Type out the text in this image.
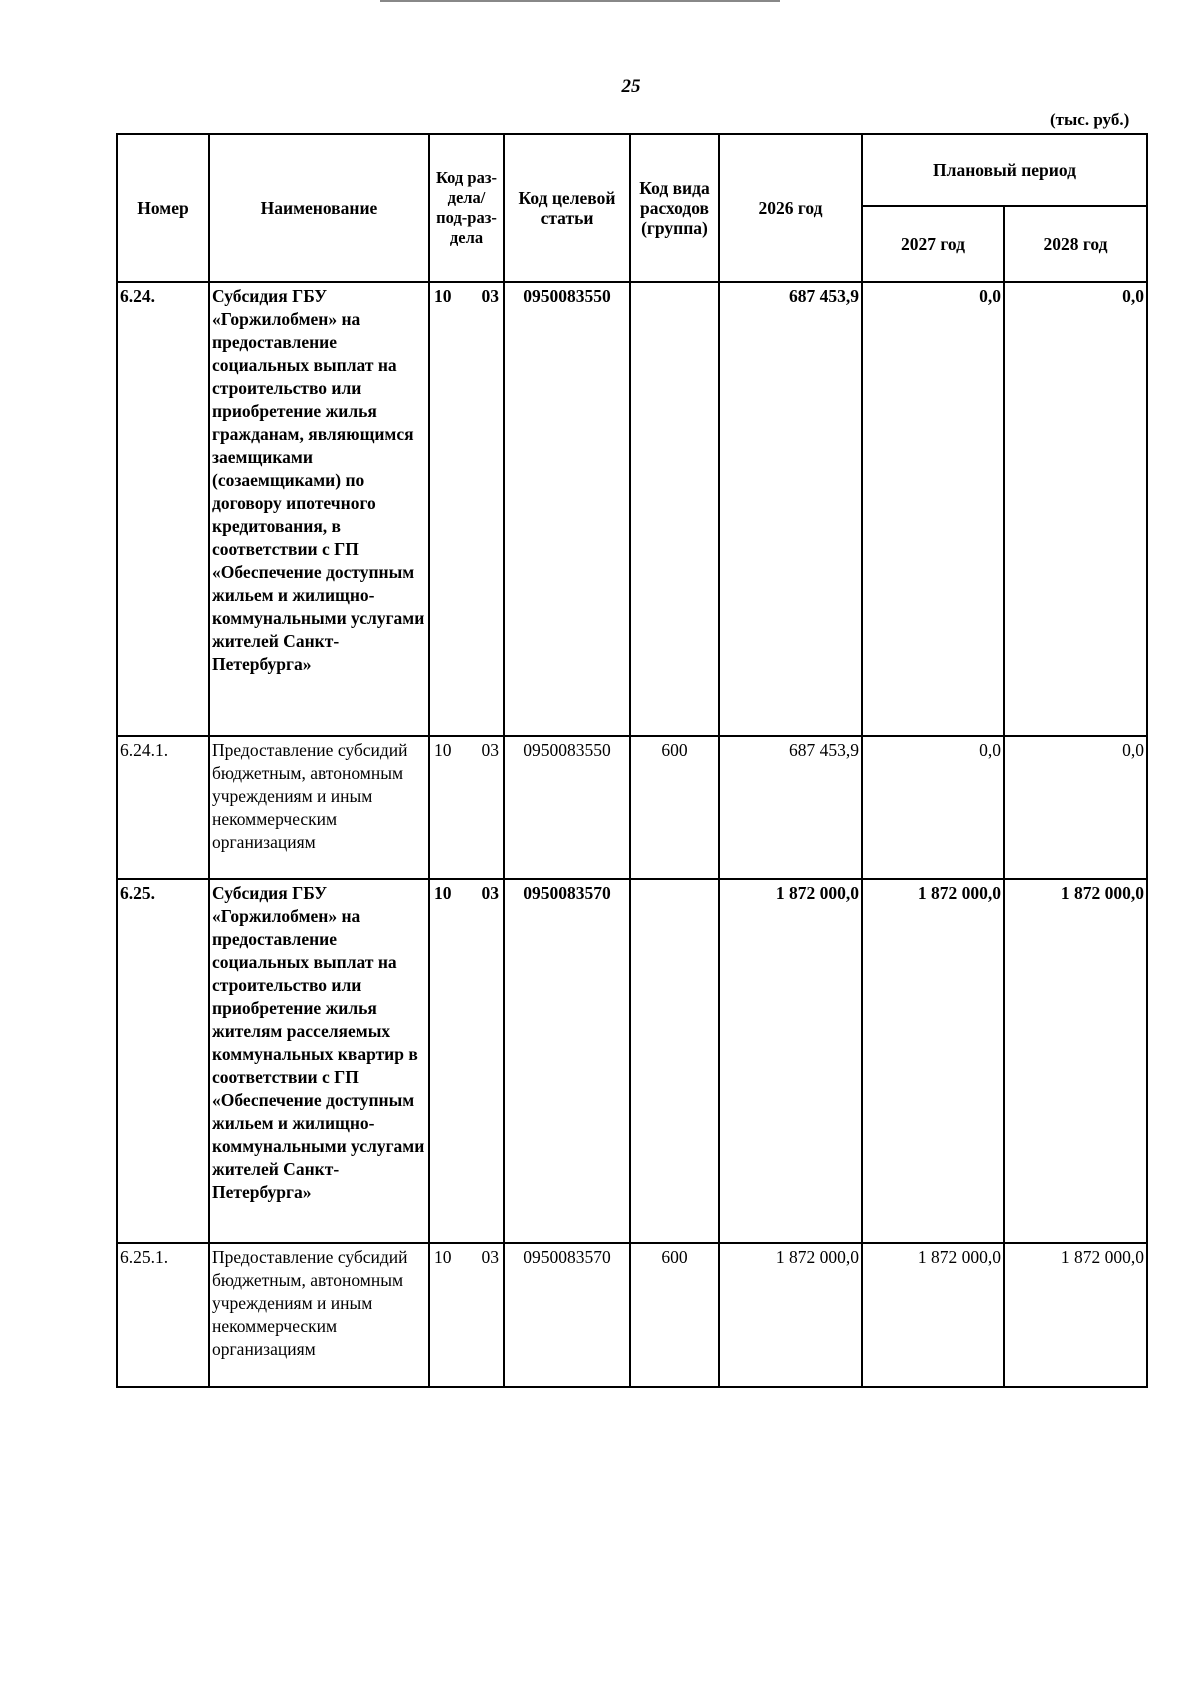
25
(тыс. руб.)
Номер	Наименование	Код раз-дела/ под-раз-дела	Код целевой статьи	Код вида расходов (группа)	2026 год	Плановый период	
						2027 год	2028 год
6.24.	Субсидия ГБУ «Горжилобмен» на предоставление социальных выплат на строительство или приобретение жилья гражданам, являющимся заемщиками (созаемщиками) по договору ипотечного кредитования, в соответствии с ГП «Обеспечение доступным жильем и жилищно-коммунальными услугами жителей Санкт-Петербурга»	10 03	0950083550		687 453,9	0,0	0,0
6.24.1.	Предоставление субсидий бюджетным, автономным учреждениям и иным некоммерческим организациям	10 03	0950083550	600	687 453,9	0,0	0,0
6.25.	Субсидия ГБУ «Горжилобмен» на предоставление социальных выплат на строительство или приобретение жилья жителям расселяемых коммунальных квартир в соответствии с ГП «Обеспечение доступным жильем и жилищно-коммунальными услугами жителей Санкт-Петербурга»	10 03	0950083570		1 872 000,0	1 872 000,0	1 872 000,0
6.25.1.	Предоставление субсидий бюджетным, автономным учреждениям и иным некоммерческим организациям	10 03	0950083570	600	1 872 000,0	1 872 000,0	1 872 000,0
